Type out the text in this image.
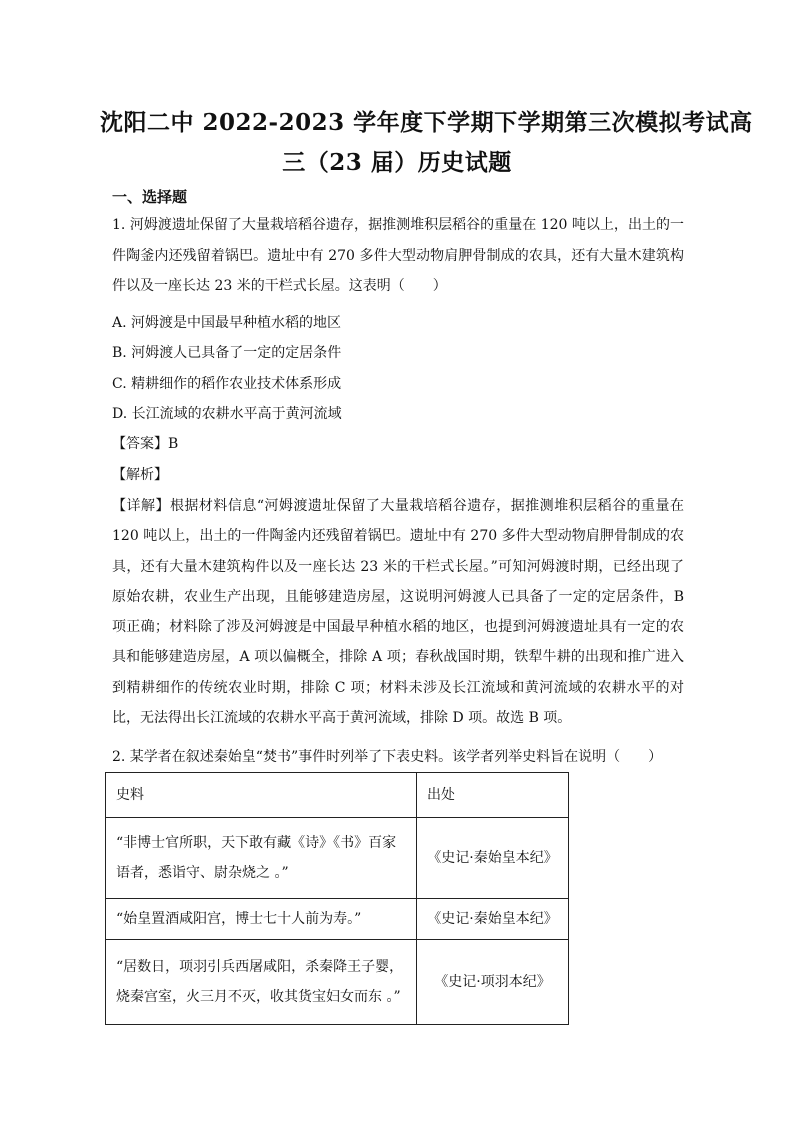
沈阳二中 2022-2023 学年度下学期下学期第三次模拟考试高
三（23 届）历史试题
一、选择题
1. 河姆渡遗址保留了大量栽培稻谷遗存，据推测堆积层稻谷的重量在 120 吨以上，出土的一件陶釜内还残留着锅巴。遗址中有 270 多件大型动物肩胛骨制成的农具，还有大量木建筑构件以及一座长达 23 米的干栏式长屋。这表明（　　）
A. 河姆渡是中国最早种植水稻的地区
B. 河姆渡人已具备了一定的定居条件
C. 精耕细作的稻作农业技术体系形成
D. 长江流域的农耕水平高于黄河流域
【答案】B
【解析】
【详解】根据材料信息“河姆渡遗址保留了大量栽培稻谷遗存，据推测堆积层稻谷的重量在 120 吨以上，出土的一件陶釜内还残留着锅巴。遗址中有 270 多件大型动物肩胛骨制成的农具，还有大量木建筑构件以及一座长达 23 米的干栏式长屋。”可知河姆渡时期，已经出现了原始农耕，农业生产出现，且能够建造房屋，这说明河姆渡人已具备了一定的定居条件，B 项正确；材料除了涉及河姆渡是中国最早种植水稻的地区，也提到河姆渡遗址具有一定的农具和能够建造房屋，A 项以偏概全，排除 A 项；春秋战国时期，铁犁牛耕的出现和推广进入到精耕细作的传统农业时期，排除 C 项；材料未涉及长江流域和黄河流域的农耕水平的对比，无法得出长江流域的农耕水平高于黄河流域，排除 D 项。故选 B 项。
2. 某学者在叙述秦始皇“焚书”事件时列举了下表史料。该学者列举史料旨在说明（　　）
史料	出处
“非博士官所职，天下敢有藏《诗》《书》百家语者，悉诣守、尉杂烧之 。”	《史记·秦始皇本纪》
“始皇置酒咸阳宫，博士七十人前为寿。”	《史记·秦始皇本纪》
“居数日，项羽引兵西屠咸阳，杀秦降王子婴，烧秦宫室，火三月不灭，收其货宝妇女而东 。”	《史记·项羽本纪》
